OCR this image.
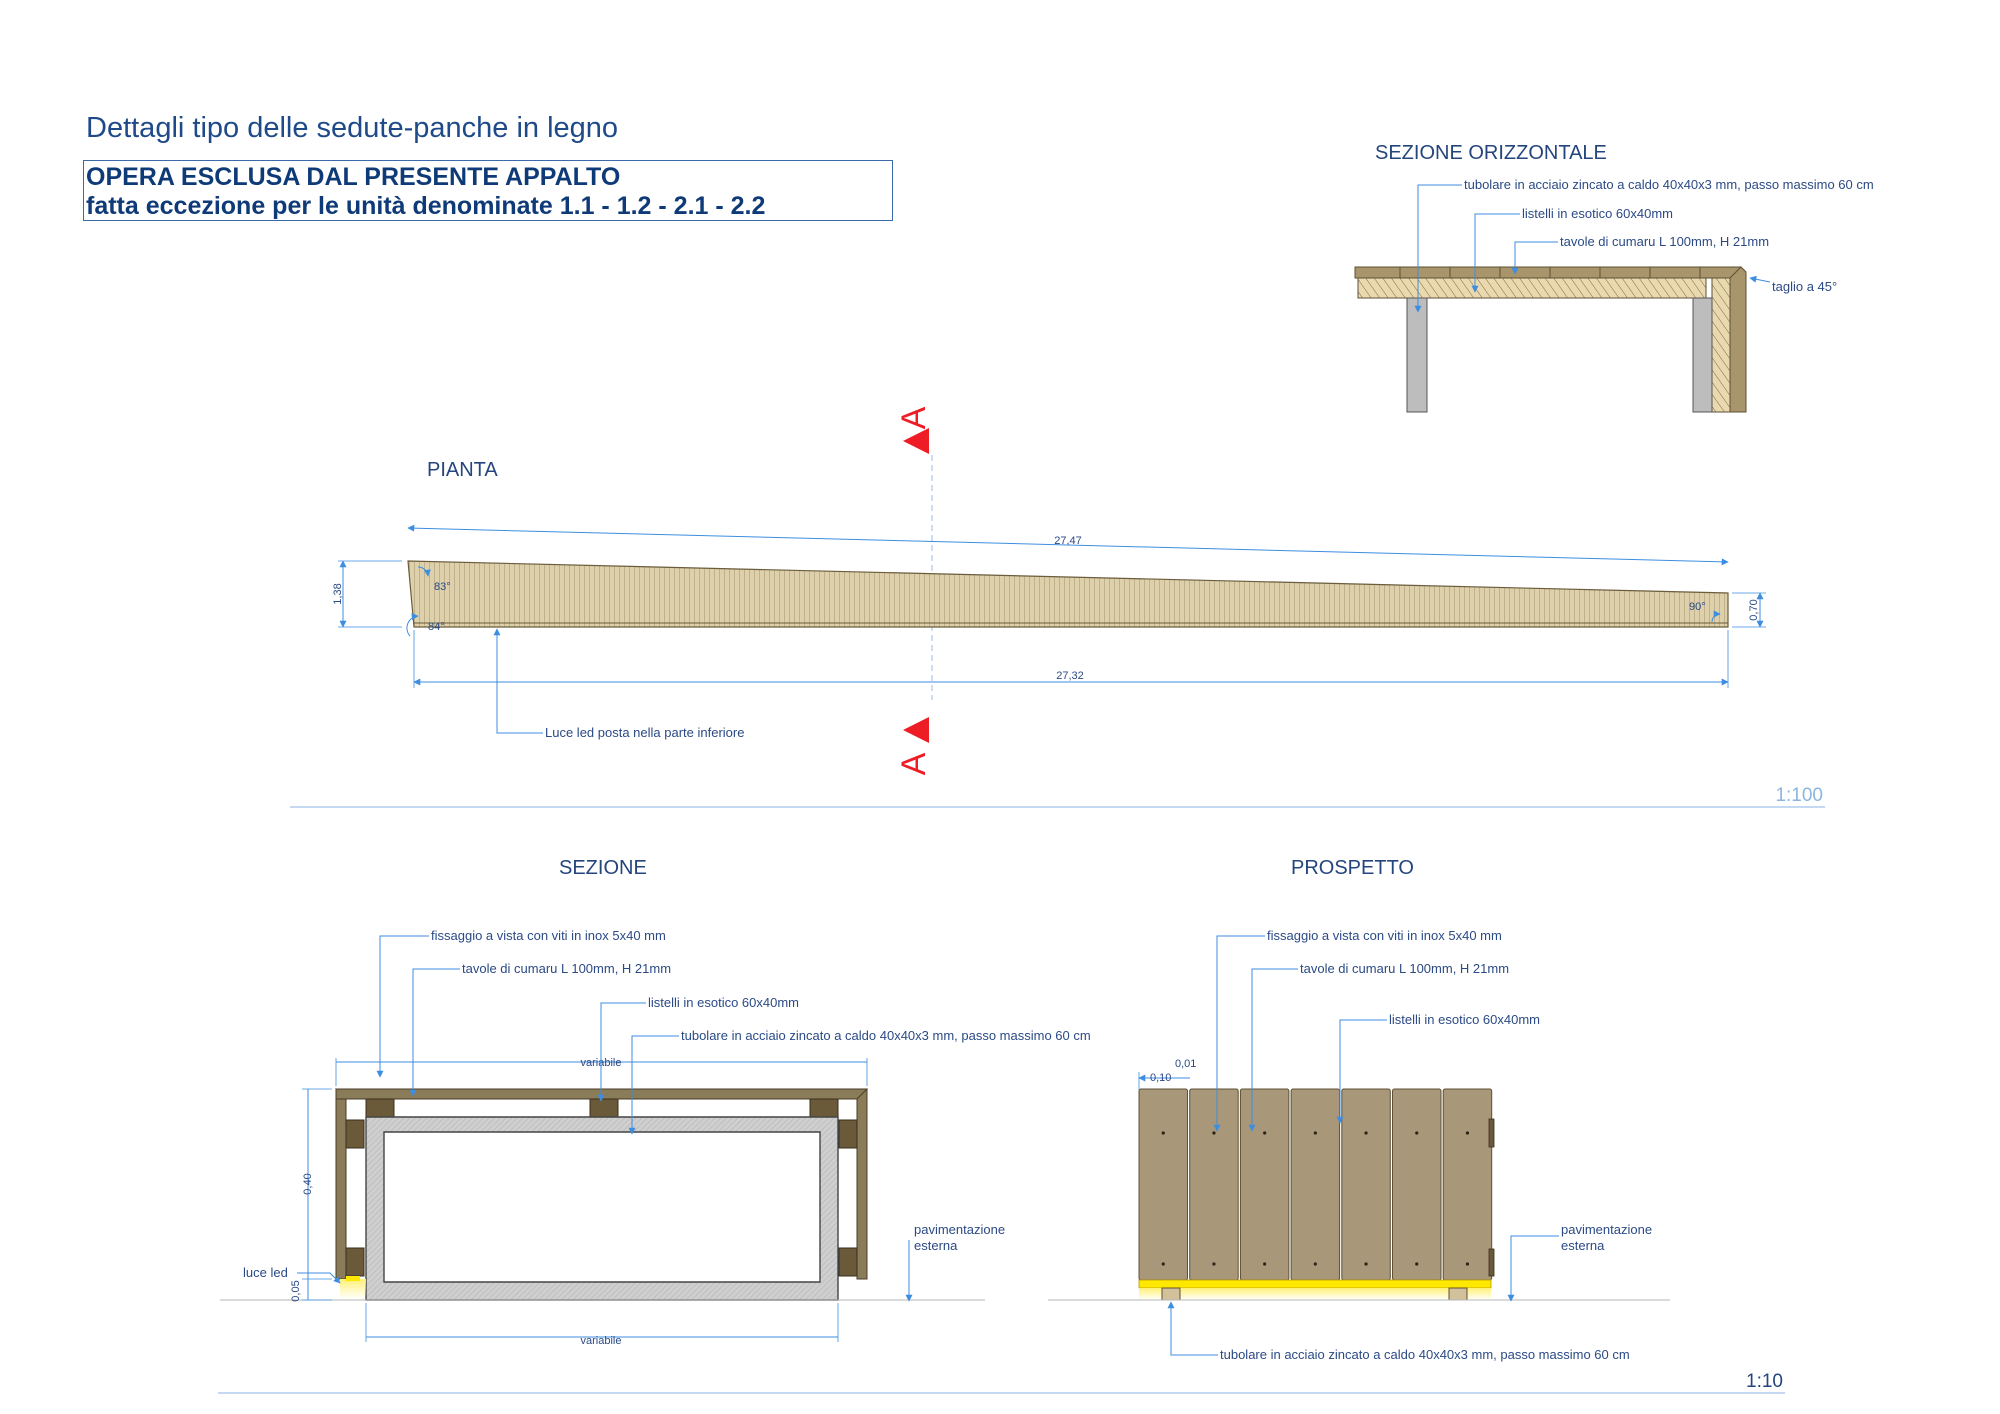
Dettagli tipo delle sedute-panche in legno
OPERA ESCLUSA DAL PRESENTE APPALTO
fatta eccezione per le unità denominate 1.1 - 1.2 - 2.1 - 2.2
SEZIONE ORIZZONTALE
tubolare in acciaio zincato a caldo 40x40x3 mm, passo massimo 60 cm
listelli in esotico 60x40mm
tavole di cumaru L 100mm, H 21mm
taglio a 45°
A
A
PIANTA
27,47
27,32
1,38
0,70
83°
84°
90°
Luce led posta nella parte inferiore
1:100
SEZIONE
variabile
variabile
0,40
0,05
fissaggio a vista con viti in inox 5x40 mm
tavole di cumaru L 100mm, H 21mm
listelli in esotico 60x40mm
tubolare in acciaio zincato a caldo 40x40x3 mm, passo massimo 60 cm
luce led
pavimentazione
esterna
PROSPETTO
0,10
0,01
fissaggio a vista con viti in inox 5x40 mm
tavole di cumaru L 100mm, H 21mm
listelli in esotico 60x40mm
pavimentazione
esterna
tubolare in acciaio zincato a caldo 40x40x3 mm, passo massimo 60 cm
1:10
